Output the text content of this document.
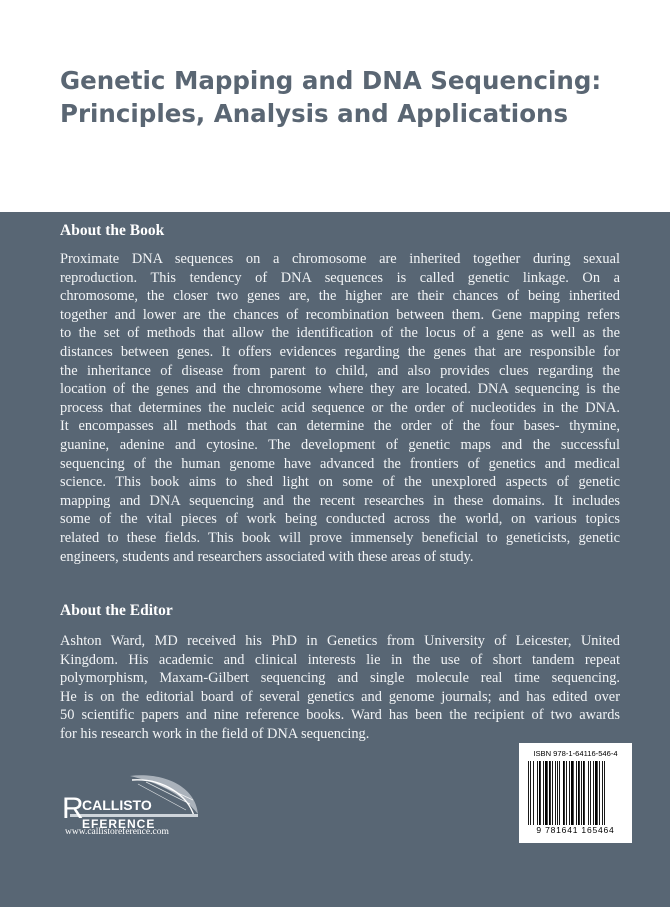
Genetic Mapping and DNA Sequencing:
Principles, Analysis and Applications
About the Book
Proximate DNA sequences on a chromosome are inherited together during sexual
reproduction. This tendency of DNA sequences is called genetic linkage. On a
chromosome, the closer two genes are, the higher are their chances of being inherited
together and lower are the chances of recombination between them. Gene mapping refers
to the set of methods that allow the identification of the locus of a gene as well as the
distances between genes. It offers evidences regarding the genes that are responsible for
the inheritance of disease from parent to child, and also provides clues regarding the
location of the genes and the chromosome where they are located. DNA sequencing is the
process that determines the nucleic acid sequence or the order of nucleotides in the DNA.
It encompasses all methods that can determine the order of the four bases- thymine,
guanine, adenine and cytosine. The development of genetic maps and the successful
sequencing of the human genome have advanced the frontiers of genetics and medical
science. This book aims to shed light on some of the unexplored aspects of genetic
mapping and DNA sequencing and the recent researches in these domains. It includes
some of the vital pieces of work being conducted across the world, on various topics
related to these fields. This book will prove immensely beneficial to geneticists, genetic
engineers, students and researchers associated with these areas of study.
About the Editor
Ashton Ward, MD received his PhD in Genetics from University of Leicester, United
Kingdom. His academic and clinical interests lie in the use of short tandem repeat
polymorphism, Maxam-Gilbert sequencing and single molecule real time sequencing.
He is on the editorial board of several genetics and genome journals; and has edited over
50 scientific papers and nine reference books. Ward has been the recipient of two awards
for his research work in the field of DNA sequencing.
R
CALLISTO
EFERENCE
www.callistoreference.com
ISBN 978-1-64116-546-4
9 781641 165464
